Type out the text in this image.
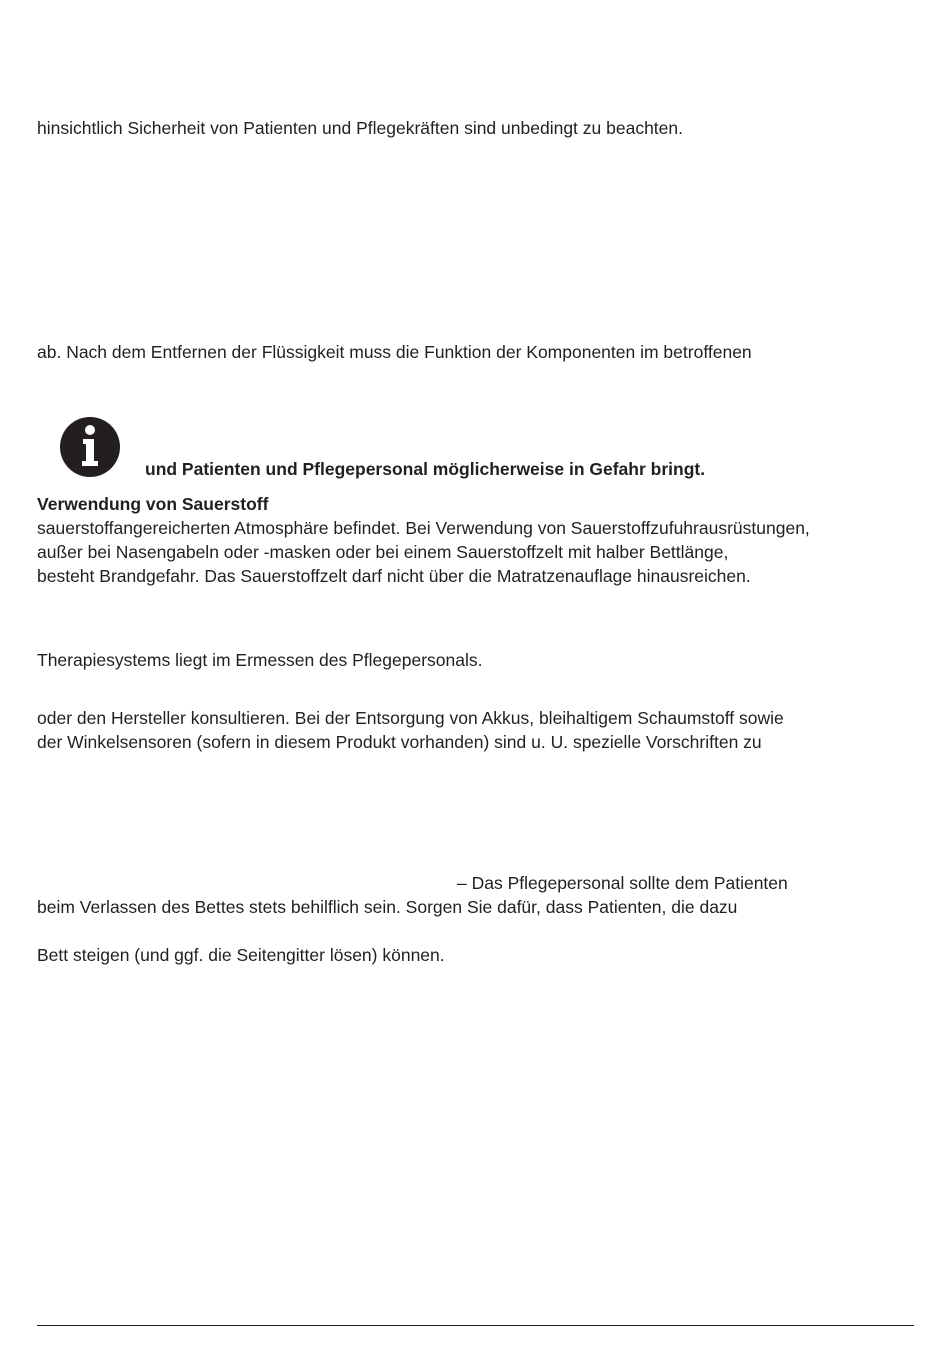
hinsichtlich Sicherheit von Patienten und Pflegekräften sind unbedingt zu beachten.
ab. Nach dem Entfernen der Flüssigkeit muss die Funktion der Komponenten im betroffenen
und Patienten und Pflegepersonal möglicherweise in Gefahr bringt.
Verwendung von Sauerstoff
sauerstoffangereicherten Atmosphäre befindet. Bei Verwendung von Sauerstoffzufuhrausrüstungen,
außer bei Nasengabeln oder -masken oder bei einem Sauerstoffzelt mit halber Bettlänge,
besteht Brandgefahr. Das Sauerstoffzelt darf nicht über die Matratzenauflage hinausreichen.
Therapiesystems liegt im Ermessen des Pflegepersonals.
oder den Hersteller konsultieren. Bei der Entsorgung von Akkus, bleihaltigem Schaumstoff sowie
der Winkelsensoren (sofern in diesem Produkt vorhanden) sind u. U. spezielle Vorschriften zu
– Das Pflegepersonal sollte dem Patienten
beim Verlassen des Bettes stets behilflich sein. Sorgen Sie dafür, dass Patienten, die dazu
Bett steigen (und ggf. die Seitengitter lösen) können.
